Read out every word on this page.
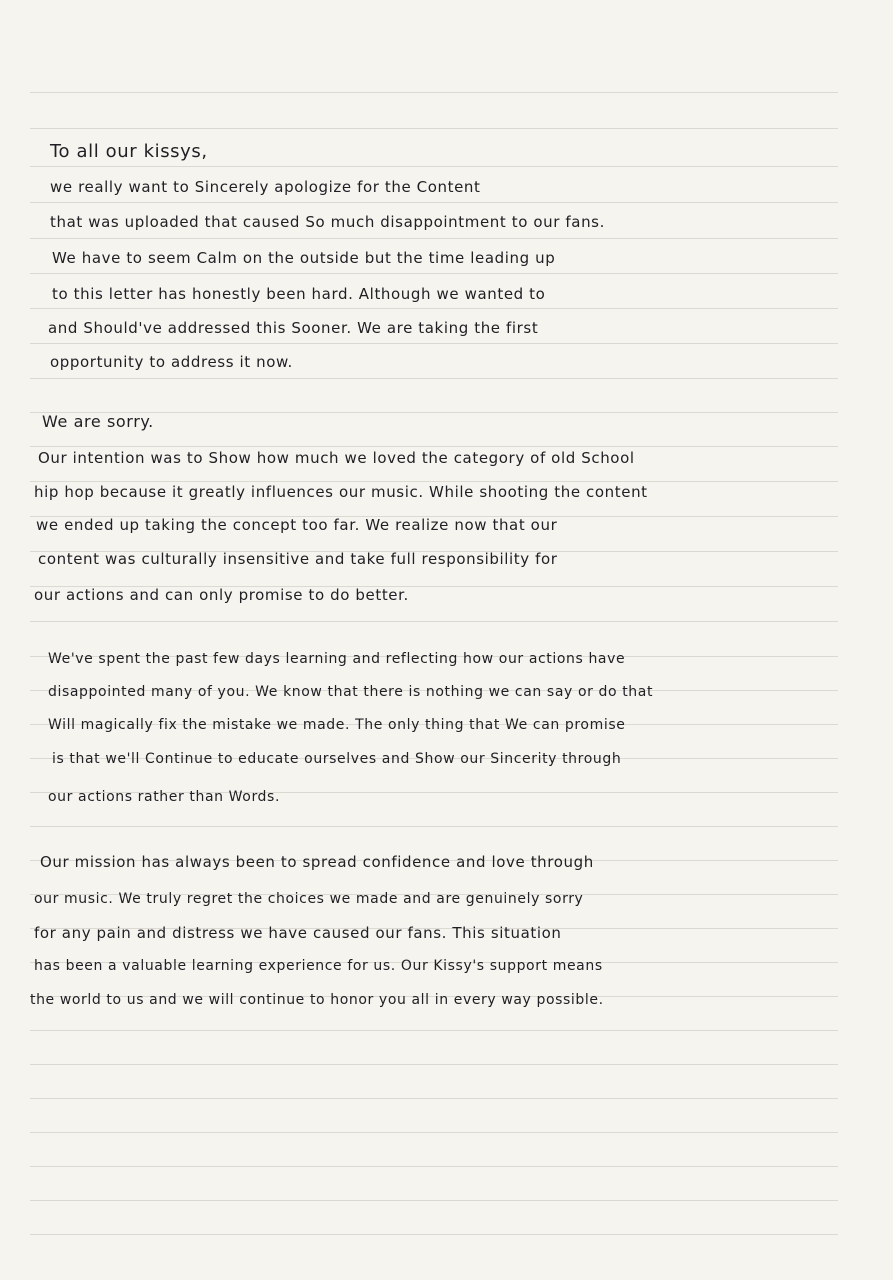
To all our kissys,

we really want to Sincerely apologize for the Content

that was uploaded that caused So much disappointment to our fans.

We have to seem Calm on the outside but the time leading up

to this letter has honestly been hard. Although we wanted to

and Should've addressed this Sooner. We are taking the first

opportunity to address it now.

We are sorry.

Our intention was to Show how much we loved the category of old School

hip hop because it greatly influences our music. While shooting the content

we ended up taking the concept too far. We realize now that our

content was culturally insensitive and take full responsibility for

our actions and can only promise to do better.

We've spent the past few days learning and reflecting how our actions have

disappointed many of you. We know that there is nothing we can say or do that

Will magically fix the mistake we made. The only thing that We can promise

is that we'll Continue to educate ourselves and Show our Sincerity through

our actions rather than Words.

Our mission has always been to spread confidence and love through

our music. We truly regret the choices we made and are genuinely sorry

for any pain and distress we have caused our fans. This situation

has been a valuable learning experience for us. Our Kissy's support means

the world to us and we will continue to honor you all in every way possible.
